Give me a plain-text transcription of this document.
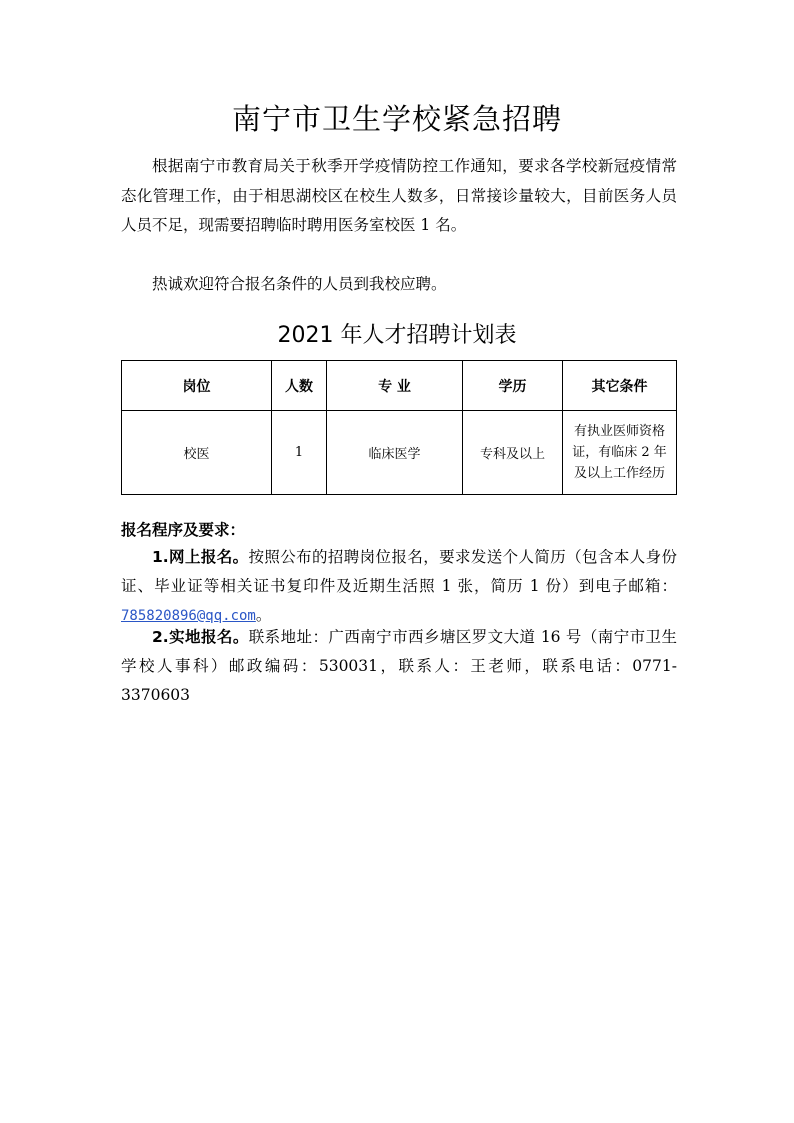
南宁市卫生学校紧急招聘

根据南宁市教育局关于秋季开学疫情防控工作通知，要求各学校新冠疫情常态化管理工作，由于相思湖校区在校生人数多，日常接诊量较大，目前医务人员人员不足，现需要招聘临时聘用医务室校医 1 名。

热诚欢迎符合报名条件的人员到我校应聘。

2021 年人才招聘计划表
岗位	人数	专 业	学历	其它条件
校医	1	临床医学	专科及以上	有执业医师资格证，有临床 2 年及以上工作经历
报名程序及要求：

1.网上报名。按照公布的招聘岗位报名，要求发送个人简历（包含本人身份证、毕业证等相关证书复印件及近期生活照 1 张，简历 1 份）到电子邮箱：785820896@qq.com。

2.实地报名。联系地址：广西南宁市西乡塘区罗文大道 16 号（南宁市卫生学校人事科）邮政编码：530031，联系人：王老师，联系电话：0771-3370603
